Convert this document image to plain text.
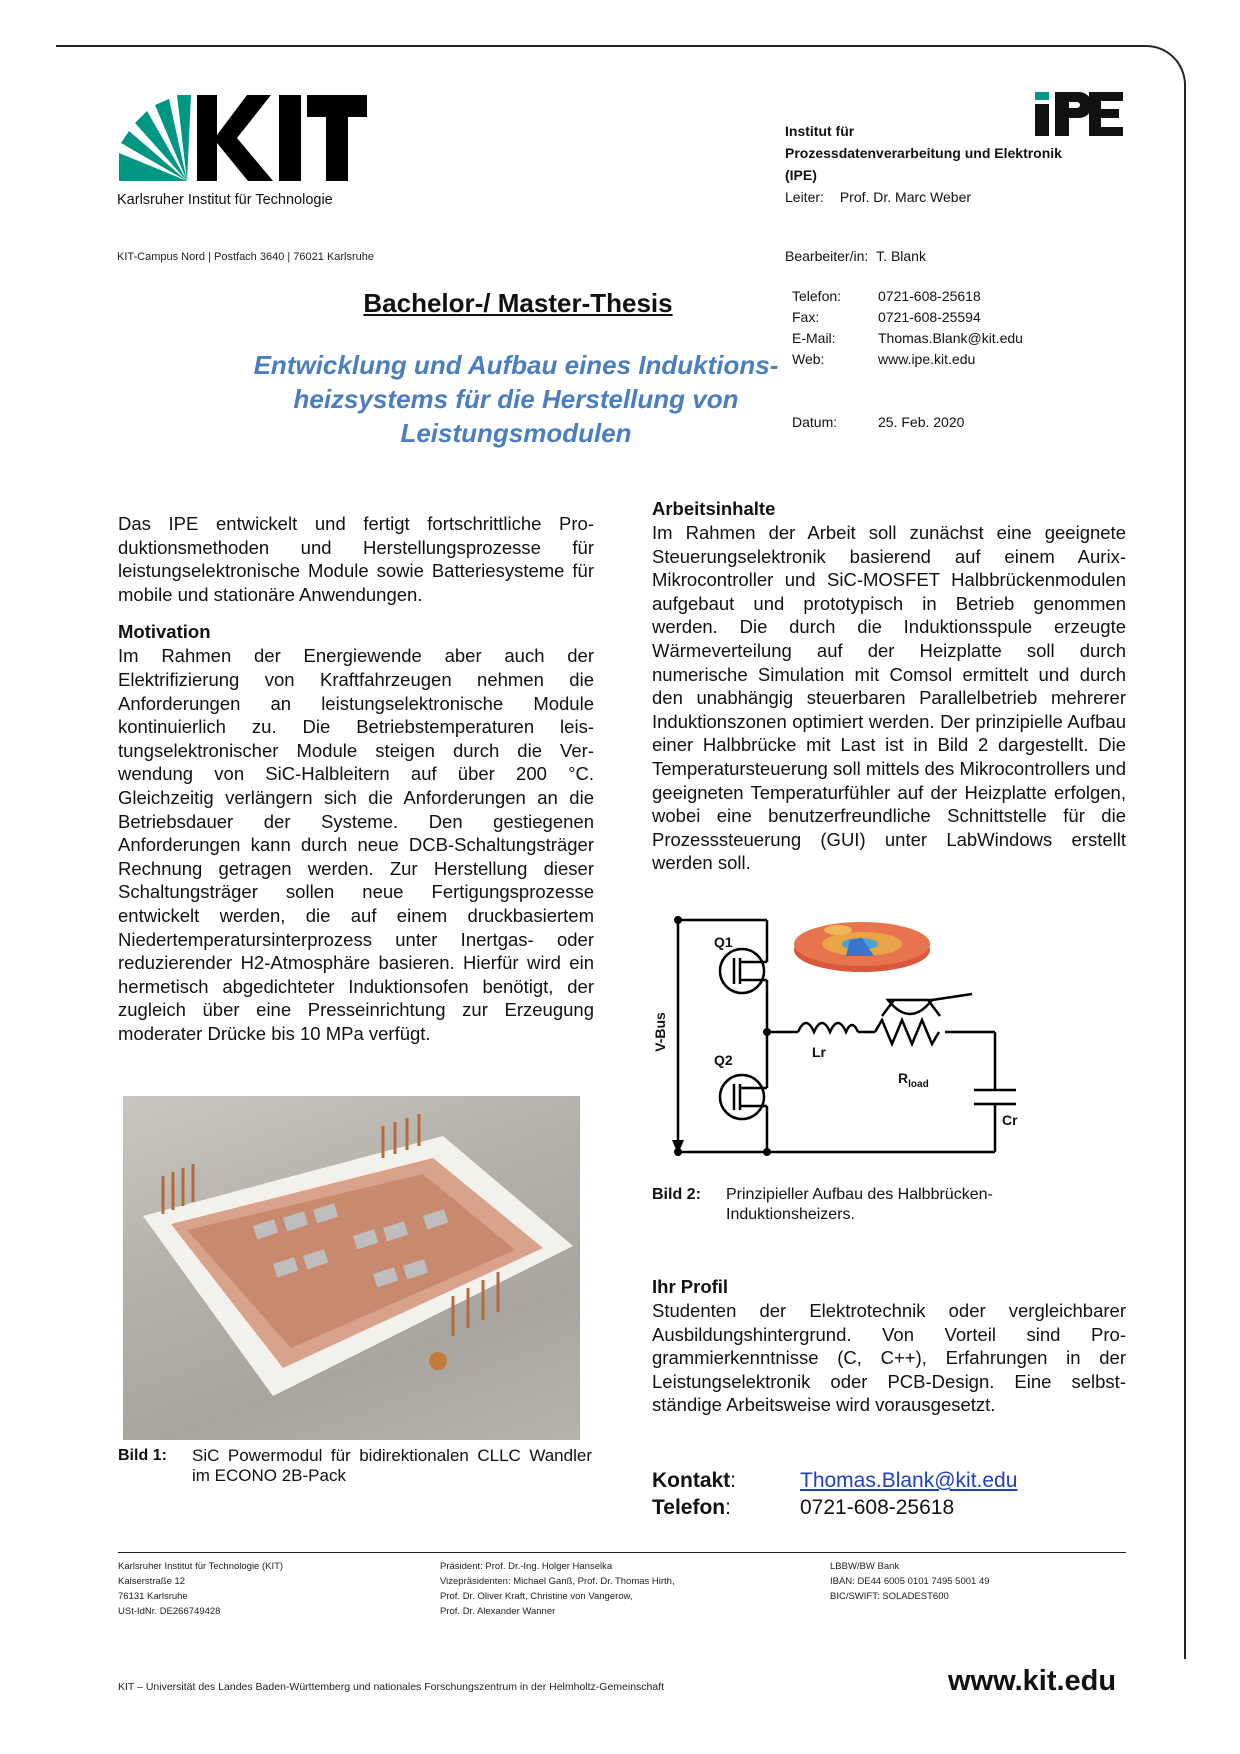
Karlsruher Institut für Technologie
Institut für
Prozessdatenverarbeitung und Elektronik
(IPE)
Leiter: Prof. Dr. Marc Weber
KIT-Campus Nord | Postfach 3640 | 76021 Karlsruhe	Bearbeiter/in: T. Blank
Telefon:	0721-608-25618
Fax:	0721-608-25594
E-Mail:	Thomas.Blank@kit.edu
Web:	www.ipe.kit.edu
Datum:	25. Feb. 2020
Bachelor-/ Master-Thesis
Entwicklung und Aufbau eines Induktions-
heizsystems für die Herstellung von
Leistungsmodulen
Das IPE entwickelt und fertigt fortschrittliche Produktionsmethoden und Herstellungsprozesse für leistungselektronische Module sowie Batteriesysteme für mobile und stationäre Anwendungen.
Motivation
Im Rahmen der Energiewende aber auch der Elektrifizierung von Kraftfahrzeugen nehmen die Anforderungen an leistungselektronische Module kontinuierlich zu. Die Betriebstemperaturen leistungselektronischer Module steigen durch die Verwendung von SiC-Halbleitern auf über 200 °C. Gleichzeitig verlängern sich die Anforderungen an die Betriebsdauer der Systeme. Den gestiegenen Anforderungen kann durch neue DCB-Schaltungsträger Rechnung getragen werden. Zur Herstellung dieser Schaltungsträger sollen neue Fertigungsprozesse entwickelt werden, die auf einem druckbasiertem Niedertemperatursinterprozess unter Inertgas- oder reduzierender H2-Atmosphäre basieren. Hierfür wird ein hermetisch abgedichteter Induktionsofen benötigt, der zugleich über eine Presseinrichtung zur Erzeugung moderater Drücke bis 10 MPa verfügt.
Bild 1: SiC Powermodul für bidirektionalen CLLC Wandler im ECONO 2B-Pack
Arbeitsinhalte
Im Rahmen der Arbeit soll zunächst eine geeignete Steuerungselektronik basierend auf einem Aurix-Mikrocontroller und SiC-MOSFET Halbbrückenmodulen aufgebaut und prototypisch in Betrieb genommen werden. Die durch die Induktionsspule erzeugte Wärmeverteilung auf der Heizplatte soll durch numerische Simulation mit Comsol ermittelt und durch den unabhängig steuerbaren Parallelbetrieb mehrerer Induktionszonen optimiert werden. Der prinzipielle Aufbau einer Halbbrücke mit Last ist in Bild 2 dargestellt. Die Temperatursteuerung soll mittels des Mikrocontrollers und geeigneten Temperaturfühler auf der Heizplatte erfolgen, wobei eine benutzerfreundliche Schnittstelle für die Prozesssteuerung (GUI) unter LabWindows erstellt werden soll.
Q1
Q2
V-Bus
Lr
$R_{load}$
Cr
Bild 2: Prinzipieller Aufbau des Halbbrücken-Induktionsheizers.
Ihr Profil
Studenten der Elektrotechnik oder vergleichbarer Ausbildungshintergrund. Von Vorteil sind Programmierkenntnisse (C, C++), Erfahrungen in der Leistungselektronik oder PCB-Design. Eine selbstständige Arbeitsweise wird vorausgesetzt.
Kontakt:	Thomas.Blank@kit.edu
Telefon:	0721-608-25618
Karlsruher Institut für Technologie (KIT)
Kaiserstraße 12
76131 Karlsruhe
USt-IdNr. DE266749428
Präsident: Prof. Dr.-Ing. Holger Hanselka
Vizepräsidenten: Michael Ganß, Prof. Dr. Thomas Hirth,
Prof. Dr. Oliver Kraft, Christine von Vangerow,
Prof. Dr. Alexander Wanner
LBBW/BW Bank
IBAN: DE44 6005 0101 7495 5001 49
BIC/SWIFT: SOLADEST600
KIT – Universität des Landes Baden-Württemberg und nationales Forschungszentrum in der Helmholtz-Gemeinschaft	www.kit.edu
